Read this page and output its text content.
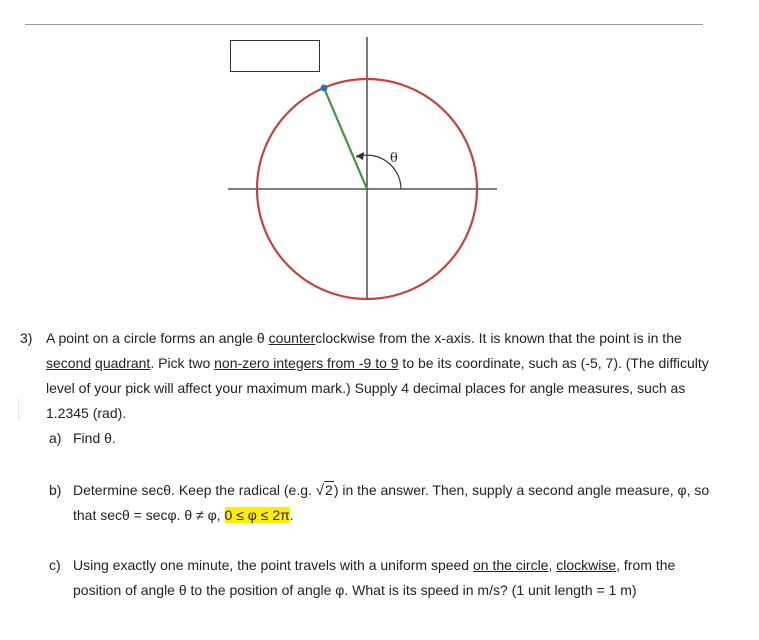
θ
3) A point on a circle forms an angle θ counterclockwise from the x-axis. It is known that the point is in the second quadrant. Pick two non-zero integers from -9 to 9 to be its coordinate, such as (-5, 7). (The difficulty level of your pick will affect your maximum mark.) Supply 4 decimal places for angle measures, such as 1.2345 (rad).
a) Find θ.
b) Determine secθ. Keep the radical (e.g. √2) in the answer. Then, supply a second angle measure, φ, so that secθ = secφ. θ ≠ φ, 0 ≤ φ ≤ 2π.
c) Using exactly one minute, the point travels with a uniform speed on the circle, clockwise, from the position of angle θ to the position of angle φ. What is its speed in m/s? (1 unit length = 1 m)
